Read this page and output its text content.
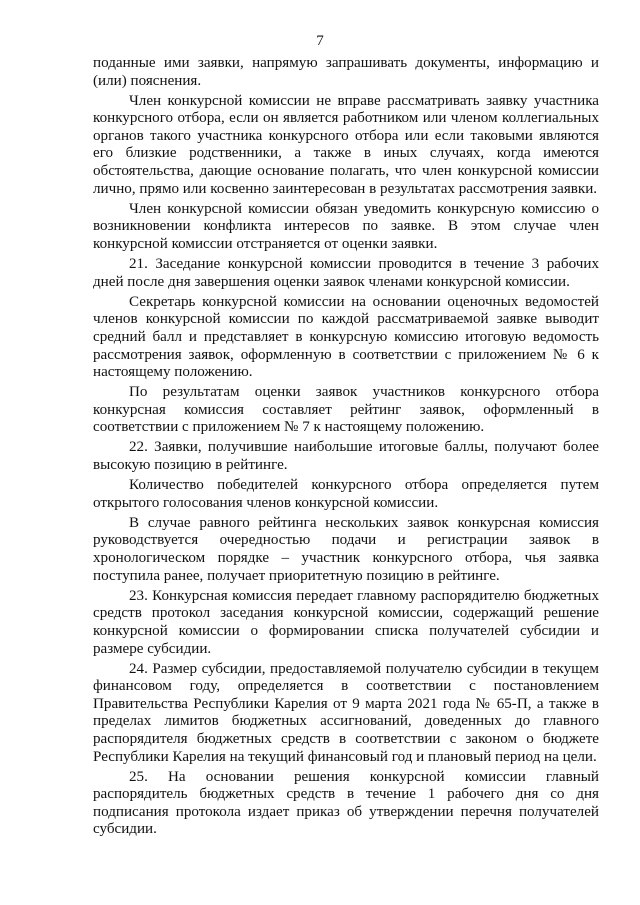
7

поданные ими заявки, напрямую запрашивать документы, информацию и (или) пояснения.

Член конкурсной комиссии не вправе рассматривать заявку участника конкурсного отбора, если он является работником или членом коллегиальных органов такого участника конкурсного отбора или если таковыми являются его близкие родственники, а также в иных случаях, когда имеются обстоятельства, дающие основание полагать, что член конкурсной комиссии лично, прямо или косвенно заинтересован в результатах рассмотрения заявки.

Член конкурсной комиссии обязан уведомить конкурсную комиссию о возникновении конфликта интересов по заявке. В этом случае член конкурсной комиссии отстраняется от оценки заявки.

21. Заседание конкурсной комиссии проводится в течение 3 рабочих дней после дня завершения оценки заявок членами конкурсной комиссии.

Секретарь конкурсной комиссии на основании оценочных ведомостей членов конкурсной комиссии по каждой рассматриваемой заявке выводит средний балл и представляет в конкурсную комиссию итоговую ведомость рассмотрения заявок, оформленную в соответствии с приложением № 6 к настоящему положению.

По результатам оценки заявок участников конкурсного отбора конкурсная комиссия составляет рейтинг заявок, оформленный в соответствии с приложением № 7 к настоящему положению.

22. Заявки, получившие наибольшие итоговые баллы, получают более высокую позицию в рейтинге.

Количество победителей конкурсного отбора определяется путем открытого голосования членов конкурсной комиссии.

В случае равного рейтинга нескольких заявок конкурсная комиссия руководствуется очередностью подачи и регистрации заявок в хронологическом порядке – участник конкурсного отбора, чья заявка поступила ранее, получает приоритетную позицию в рейтинге.

23. Конкурсная комиссия передает главному распорядителю бюджетных средств протокол заседания конкурсной комиссии, содержащий решение конкурсной комиссии о формировании списка получателей субсидии и размере субсидии.

24. Размер субсидии, предоставляемой получателю субсидии в текущем финансовом году, определяется в соответствии с постановлением Правительства Республики Карелия от 9 марта 2021 года № 65-П, а также в пределах лимитов бюджетных ассигнований, доведенных до главного распорядителя бюджетных средств в соответствии с законом о бюджете Республики Карелия на текущий финансовый год и плановый период на цели.

25. На основании решения конкурсной комиссии главный распорядитель бюджетных средств в течение 1 рабочего дня со дня подписания протокола издает приказ об утверждении перечня получателей субсидии.
